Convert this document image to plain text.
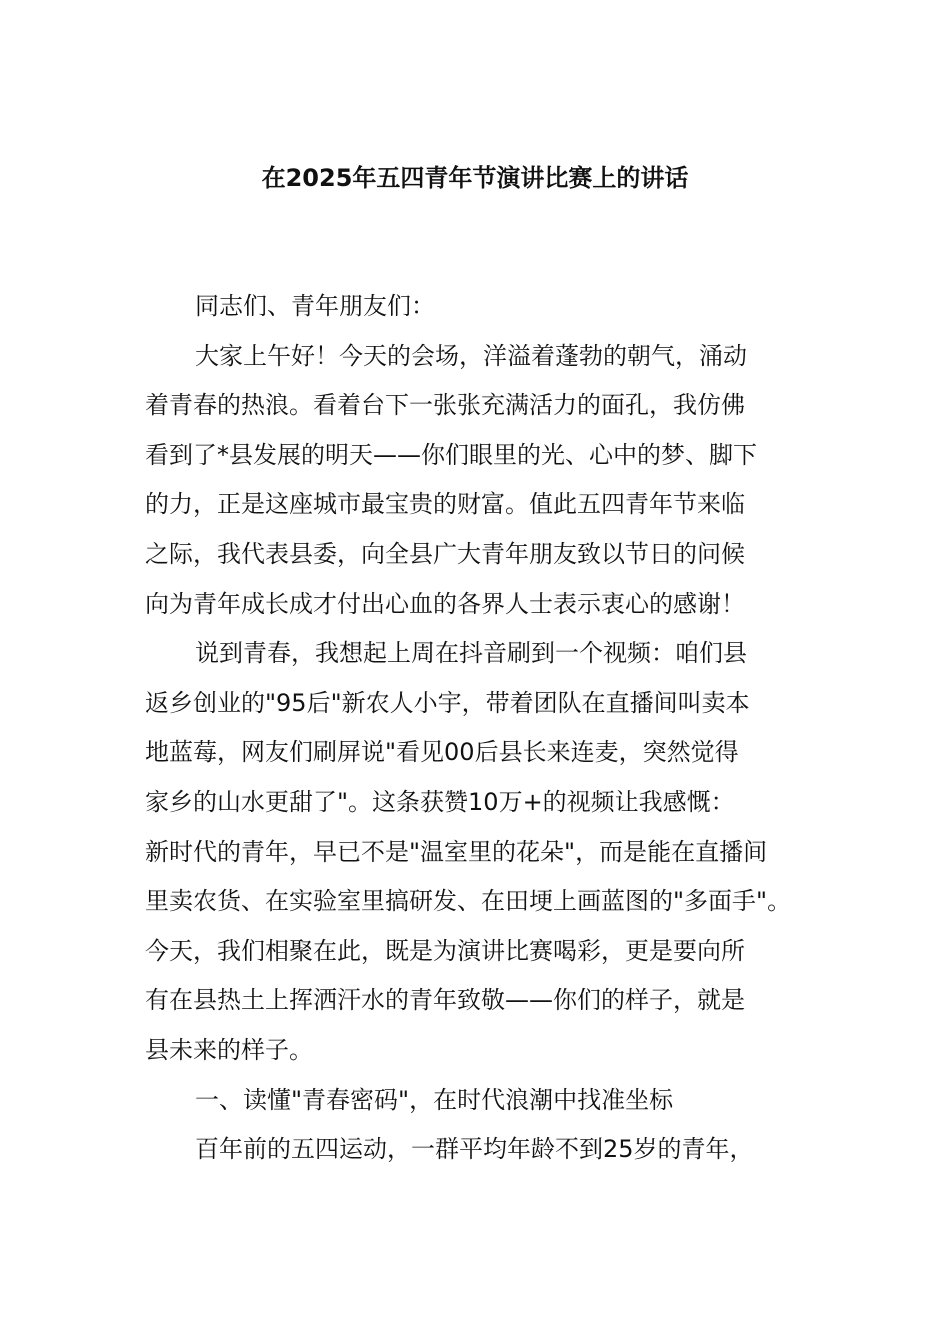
在2025年五四青年节演讲比赛上的讲话

同志们、青年朋友们：

大家上午好！今天的会场，洋溢着蓬勃的朝气，涌动
着青春的热浪。看着台下一张张充满活力的面孔，我仿佛
看到了*县发展的明天——你们眼里的光、心中的梦、脚下
的力，正是这座城市最宝贵的财富。值此五四青年节来临
之际，我代表县委，向全县广大青年朋友致以节日的问候
向为青年成长成才付出心血的各界人士表示衷心的感谢！
说到青春，我想起上周在抖音刷到一个视频：咱们县
返乡创业的"95后"新农人小宇，带着团队在直播间叫卖本
地蓝莓，网友们刷屏说"看见00后县长来连麦，突然觉得
家乡的山水更甜了"。这条获赞10万+的视频让我感慨：
新时代的青年，早已不是"温室里的花朵"，而是能在直播间
里卖农货、在实验室里搞研发、在田埂上画蓝图的"多面手"。
今天，我们相聚在此，既是为演讲比赛喝彩，更是要向所
有在县热土上挥洒汗水的青年致敬——你们的样子，就是
县未来的样子。
一、读懂"青春密码"，在时代浪潮中找准坐标
百年前的五四运动，一群平均年龄不到25岁的青年，
